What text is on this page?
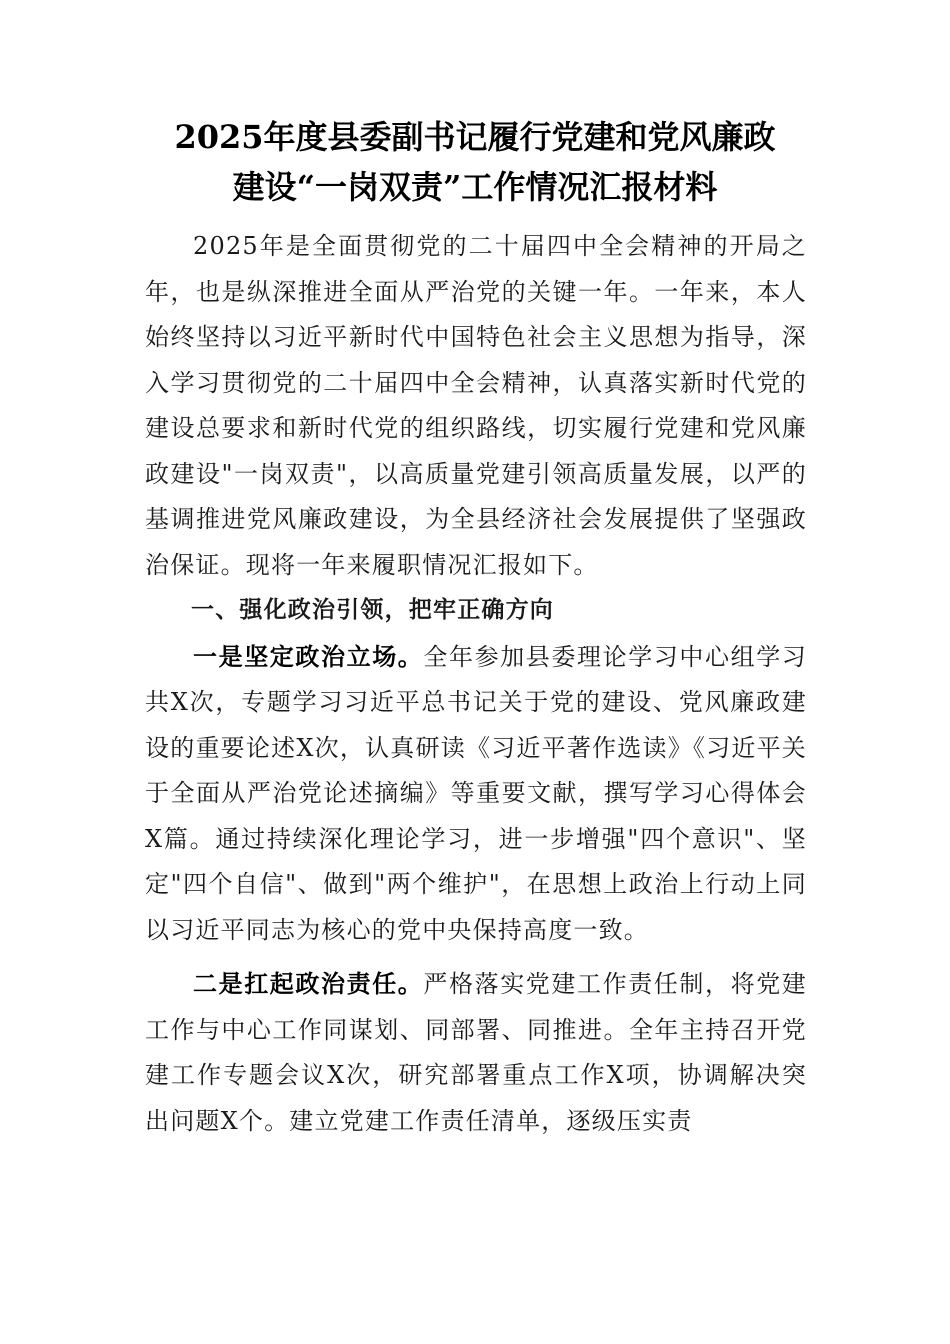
2025年度县委副书记履行党建和党风廉政
建设“一岗双责”工作情况汇报材料

2025年是全面贯彻党的二十届四中全会精神的开局之年，也是纵深推进全面从严治党的关键一年。一年来，本人始终坚持以习近平新时代中国特色社会主义思想为指导，深入学习贯彻党的二十届四中全会精神，认真落实新时代党的建设总要求和新时代党的组织路线，切实履行党建和党风廉政建设"一岗双责"，以高质量党建引领高质量发展，以严的基调推进党风廉政建设，为全县经济社会发展提供了坚强政治保证。现将一年来履职情况汇报如下。

一、强化政治引领，把牢正确方向

一是坚定政治立场。全年参加县委理论学习中心组学习共X次，专题学习习近平总书记关于党的建设、党风廉政建设的重要论述X次，认真研读《习近平著作选读》《习近平关于全面从严治党论述摘编》等重要文献，撰写学习心得体会X篇。通过持续深化理论学习，进一步增强"四个意识"、坚定"四个自信"、做到"两个维护"，在思想上政治上行动上同以习近平同志为核心的党中央保持高度一致。

二是扛起政治责任。严格落实党建工作责任制，将党建工作与中心工作同谋划、同部署、同推进。全年主持召开党建工作专题会议X次，研究部署重点工作X项，协调解决突出问题X个。建立党建工作责任清单，逐级压实责
